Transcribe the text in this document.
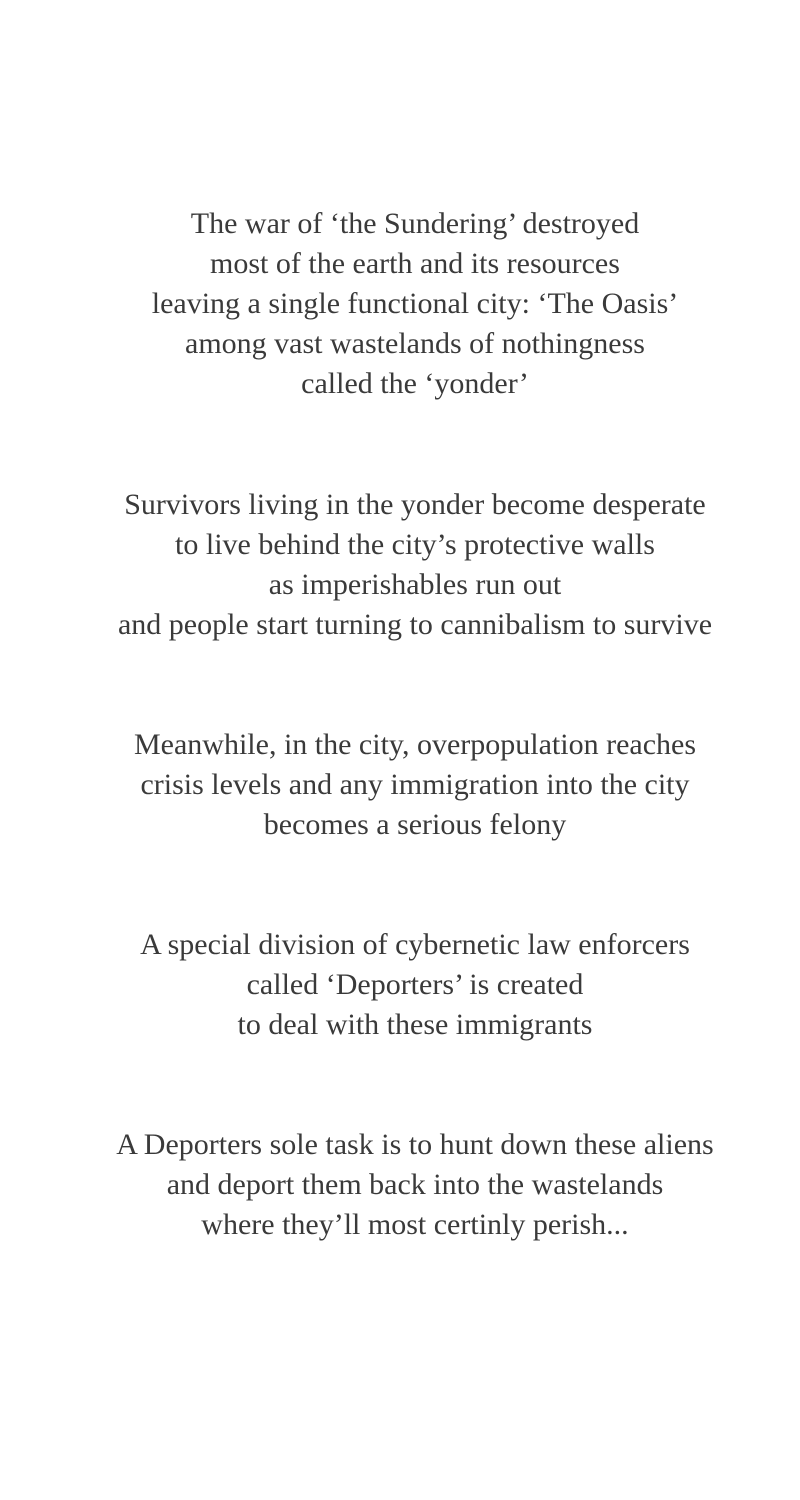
The war of ‘the Sundering’ destroyed
most of the earth and its resources
leaving a single functional city: ‘The Oasis’
among vast wastelands of nothingness
called the ‘yonder’
Survivors living in the yonder become desperate
to live behind the city’s protective walls
as imperishables run out
and people start turning to cannibalism to survive
Meanwhile, in the city, overpopulation reaches
crisis levels and any immigration into the city
becomes a serious felony
A special division of cybernetic law enforcers
called ‘Deporters’ is created
to deal with these immigrants
A Deporters sole task is to hunt down these aliens
and deport them back into the wastelands
where they’ll most certinly perish...
